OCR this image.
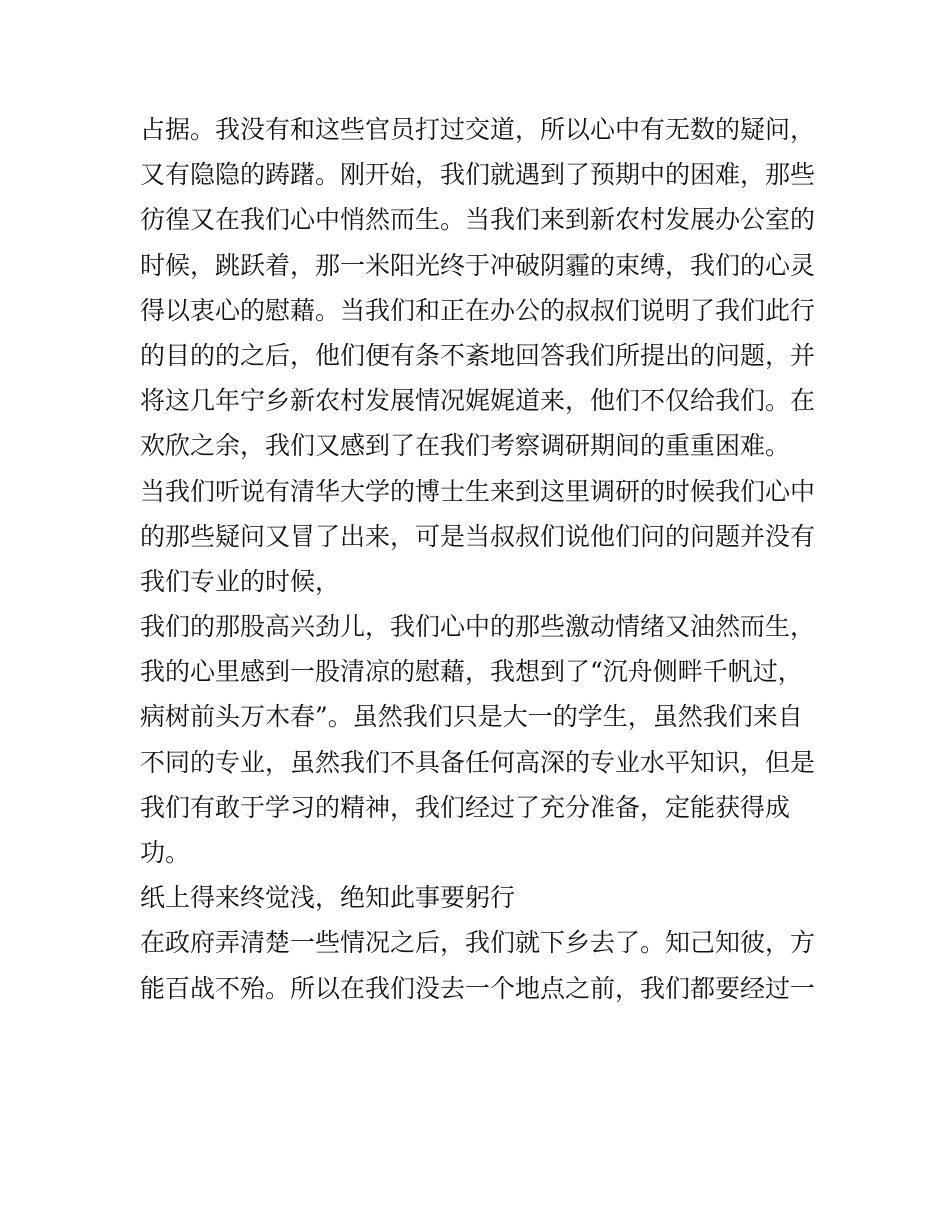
占据。我没有和这些官员打过交道，所以心中有无数的疑问，
又有隐隐的踌躇。刚开始，我们就遇到了预期中的困难，那些
彷徨又在我们心中悄然而生。当我们来到新农村发展办公室的
时候，跳跃着，那一米阳光终于冲破阴霾的束缚，我们的心灵
得以衷心的慰藉。当我们和正在办公的叔叔们说明了我们此行
的目的的之后，他们便有条不紊地回答我们所提出的问题，并
将这几年宁乡新农村发展情况娓娓道来，他们不仅给我们。在
欢欣之余，我们又感到了在我们考察调研期间的重重困难。
当我们听说有清华大学的博士生来到这里调研的时候我们心中
的那些疑问又冒了出来，可是当叔叔们说他们问的问题并没有
我们专业的时候，
我们的那股高兴劲儿，我们心中的那些激动情绪又油然而生，
我的心里感到一股清凉的慰藉，我想到了“沉舟侧畔千帆过，
病树前头万木春”。虽然我们只是大一的学生，虽然我们来自
不同的专业，虽然我们不具备任何高深的专业水平知识，但是
我们有敢于学习的精神，我们经过了充分准备，定能获得成
功。
纸上得来终觉浅，绝知此事要躬行
在政府弄清楚一些情况之后，我们就下乡去了。知己知彼，方
能百战不殆。所以在我们没去一个地点之前，我们都要经过一
